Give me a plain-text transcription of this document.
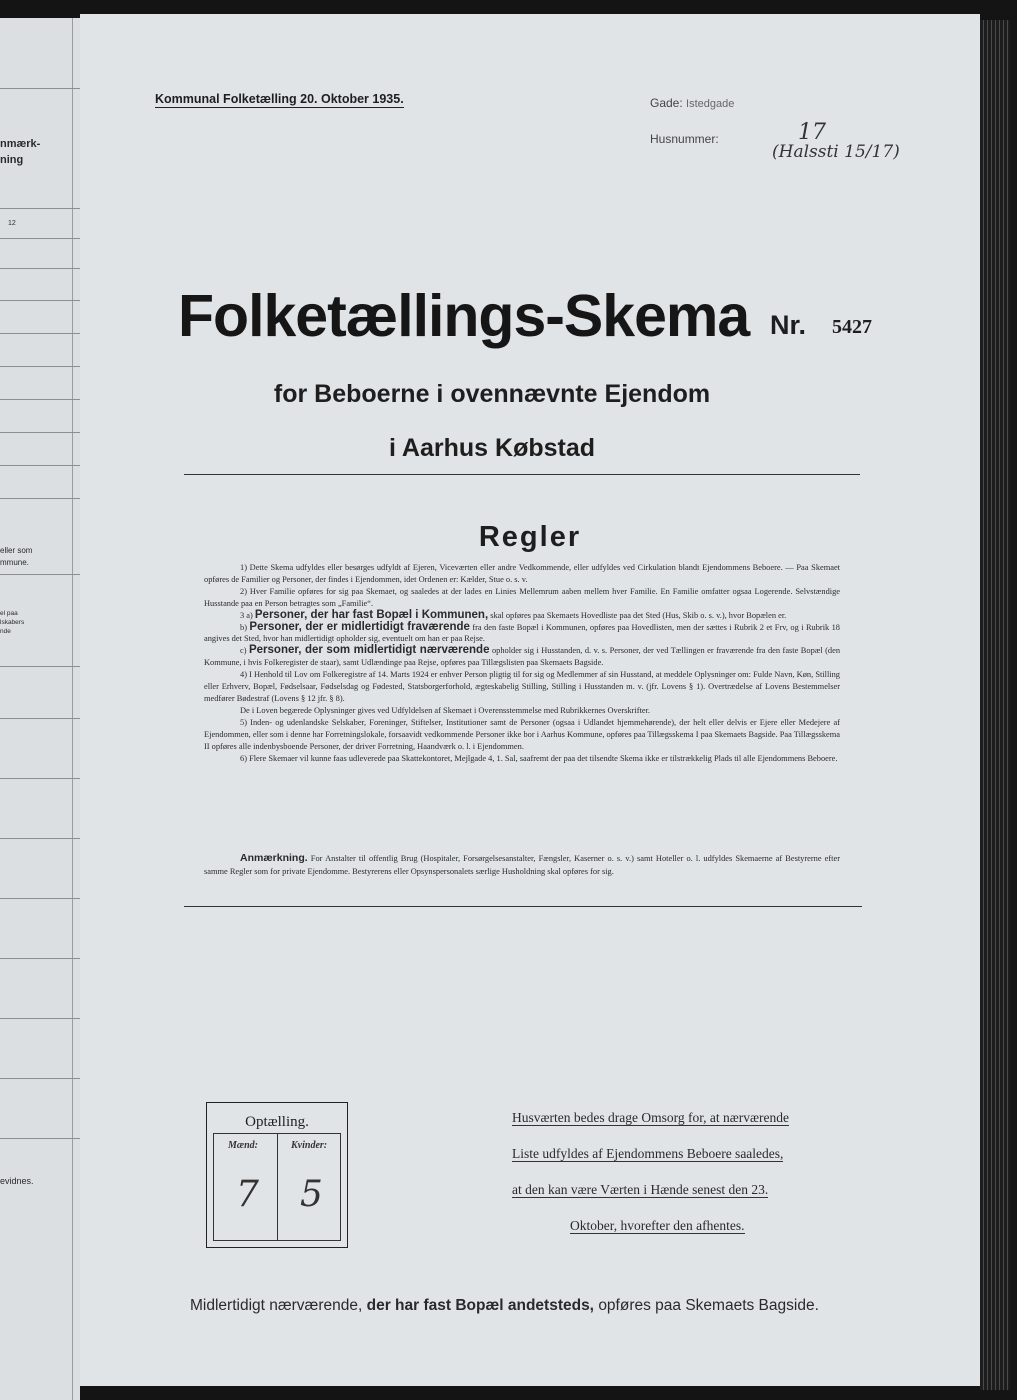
nmærk-
ning
12
eller som
mmune.
el paa
lskabers
nde
evidnes.
Kommunal Folketælling 20. Oktober 1935.	Gade: Istedgade
Husnummer:	17
(Halssti 15/17)
Folketællings-Skema Nr. 5427
for Beboerne i ovennævnte Ejendom
i Aarhus Købstad
Regler

1) Dette Skema udfyldes eller besørges udfyldt af Ejeren, Viceværten eller andre Vedkommende, eller udfyldes ved Cirkulation blandt Ejendommens Beboere. — Paa Skemaet opføres de Familier og Personer, der findes i Ejendommen, idet Ordenen er: Kælder, Stue o. s. v.

2) Hver Familie opføres for sig paa Skemaet, og saaledes at der lades en Linies Mellemrum aaben mellem hver Familie. En Familie omfatter ogsaa Logerende. Selvstændige Husstande paa en Person betragtes som „Familie“.

3 a) Personer, der har fast Bopæl i Kommunen, skal opføres paa Skemaets Hovedliste paa det Sted (Hus, Skib o. s. v.), hvor Bopælen er.

b) Personer, der er midlertidigt fraværende fra den faste Bopæl i Kommunen, opføres paa Hovedlisten, men der sættes i Rubrik 2 et Frv, og i Rubrik 18 angives det Sted, hvor han midlertidigt opholder sig, eventuelt om han er paa Rejse.

c) Personer, der som midlertidigt nærværende opholder sig i Husstanden, d. v. s. Personer, der ved Tællingen er fraværende fra den faste Bopæl (den Kommune, i hvis Folkeregister de staar), samt Udlændinge paa Rejse, opføres paa Tillægslisten paa Skemaets Bagside.

4) I Henhold til Lov om Folkeregistre af 14. Marts 1924 er enhver Person pligtig til for sig og Medlemmer af sin Husstand, at meddele Oplysninger om: Fulde Navn, Køn, Stilling eller Erhverv, Bopæl, Fødselsaar, Fødselsdag og Fødested, Statsborgerforhold, ægteskabelig Stilling, Stilling i Husstanden m. v. (jfr. Lovens § 1). Overtrædelse af Lovens Bestemmelser medfører Bødestraf (Lovens § 12 jfr. § 8).

De i Loven begærede Oplysninger gives ved Udfyldelsen af Skemaet i Overensstemmelse med Rubrikkernes Overskrifter.

5) Inden- og udenlandske Selskaber, Foreninger, Stiftelser, Institutioner samt de Personer (ogsaa i Udlandet hjemmehørende), der helt eller delvis er Ejere eller Medejere af Ejendommen, eller som i denne har Forretningslokale, forsaavidt vedkommende Personer ikke bor i Aarhus Kommune, opføres paa Tillægsskema I paa Skemaets Bagside. Paa Tillægsskema II opføres alle indenbysboende Personer, der driver Forretning, Haandværk o. l. i Ejendommen.

6) Flere Skemaer vil kunne faas udleverede paa Skattekontoret, Mejlgade 4, 1. Sal, saafremt der paa det tilsendte Skema ikke er tilstrækkelig Plads til alle Ejendommens Beboere.

Anmærkning. For Anstalter til offentlig Brug (Hospitaler, Forsørgelsesanstalter, Fængsler, Kaserner o. s. v.) samt Hoteller o. l. udfyldes Skemaerne af Bestyrerne efter samme Regler som for private Ejendomme. Bestyrerens eller Opsynspersonalets særlige Husholdning skal opføres for sig.
Optælling.
Mænd:	Kvinder:
7 5
Husværten bedes drage Omsorg for, at nærværende
Liste udfyldes af Ejendommens Beboere saaledes,
at den kan være Værten i Hænde senest den 23.
Oktober, hvorefter den afhentes.
Midlertidigt nærværende, der har fast Bopæl andetsteds, opføres paa Skemaets Bagside.
